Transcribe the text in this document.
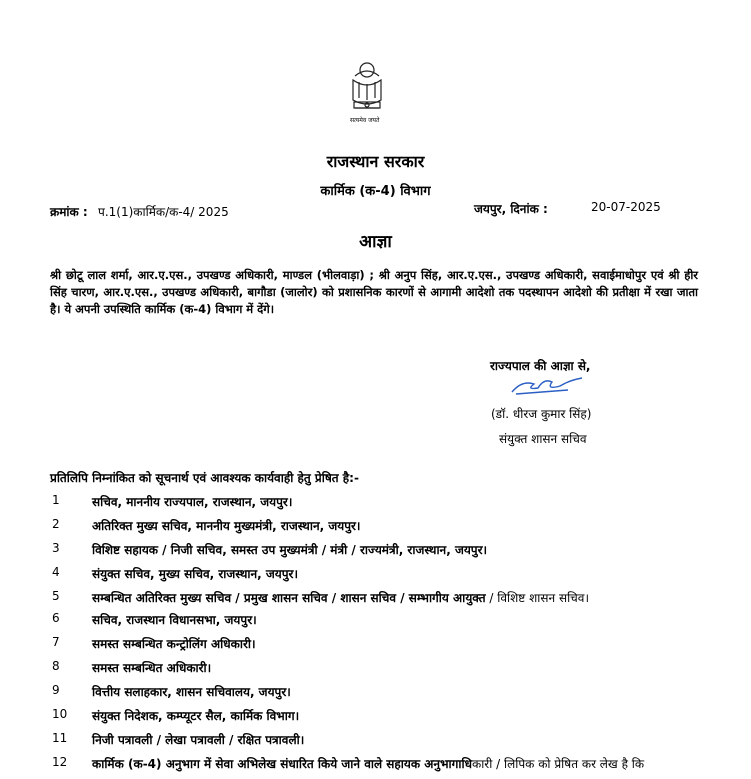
सत्यमेव जयते
राजस्थान सरकार
कार्मिक (क-4) विभाग
क्रमांक : प.1(1)कार्मिक/क-4/ 2025	जयपुर, दिनांक :	20-07-2025
आज्ञा
श्री छोटू लाल शर्मा, आर.ए.एस., उपखण्ड अधिकारी, माण्डल (भीलवाड़ा) ; श्री अनुप सिंह, आर.ए.एस., उपखण्ड अधिकारी, सवाईमाधोपुर एवं श्री हीर सिंह चारण, आर.ए.एस., उपखण्ड अधिकारी, बागौडा (जालोर) को प्रशासनिक कारणों से आगामी आदेशो तक पदस्थापन आदेशो की प्रतीक्षा में रखा जाता है। ये अपनी उपस्थिति कार्मिक (क-4) विभाग में देंगे।
राज्यपाल की आज्ञा से,
(डॉ. धीरज कुमार सिंह)
संयुक्त शासन सचिव
प्रतिलिपि निम्नांकित को सूचनार्थ एवं आवश्यक कार्यवाही हेतु प्रेषित है:-
1	सचिव, माननीय राज्यपाल, राजस्थान, जयपुर।
2	अतिरिक्त मुख्य सचिव, माननीय मुख्यमंत्री, राजस्थान, जयपुर।
3	विशिष्ट सहायक / निजी सचिव, समस्त उप मुख्यमंत्री / मंत्री / राज्यमंत्री, राजस्थान, जयपुर।
4	संयुक्त सचिव, मुख्य सचिव, राजस्थान, जयपुर।
5	सम्बन्धित अतिरिक्त मुख्य सचिव / प्रमुख शासन सचिव / शासन सचिव / सम्भागीय आयुक्त / विशिष्ट शासन सचिव।
6	सचिव, राजस्थान विधानसभा, जयपुर।
7	समस्त सम्बन्धित कन्ट्रोलिंग अधिकारी।
8	समस्त सम्बन्धित अधिकारी।
9	वित्तीय सलाहकार, शासन सचिवालय, जयपुर।
10 संयुक्त निदेशक, कम्प्यूटर सैल, कार्मिक विभाग।
11 निजी पत्रावली / लेखा पत्रावली / रक्षित पत्रावली।
12 कार्मिक (क-4) अनुभाग में सेवा अभिलेख संधारित किये जाने वाले सहायक अनुभागाधिकारी / लिपिक को प्रेषित कर लेख है कि
